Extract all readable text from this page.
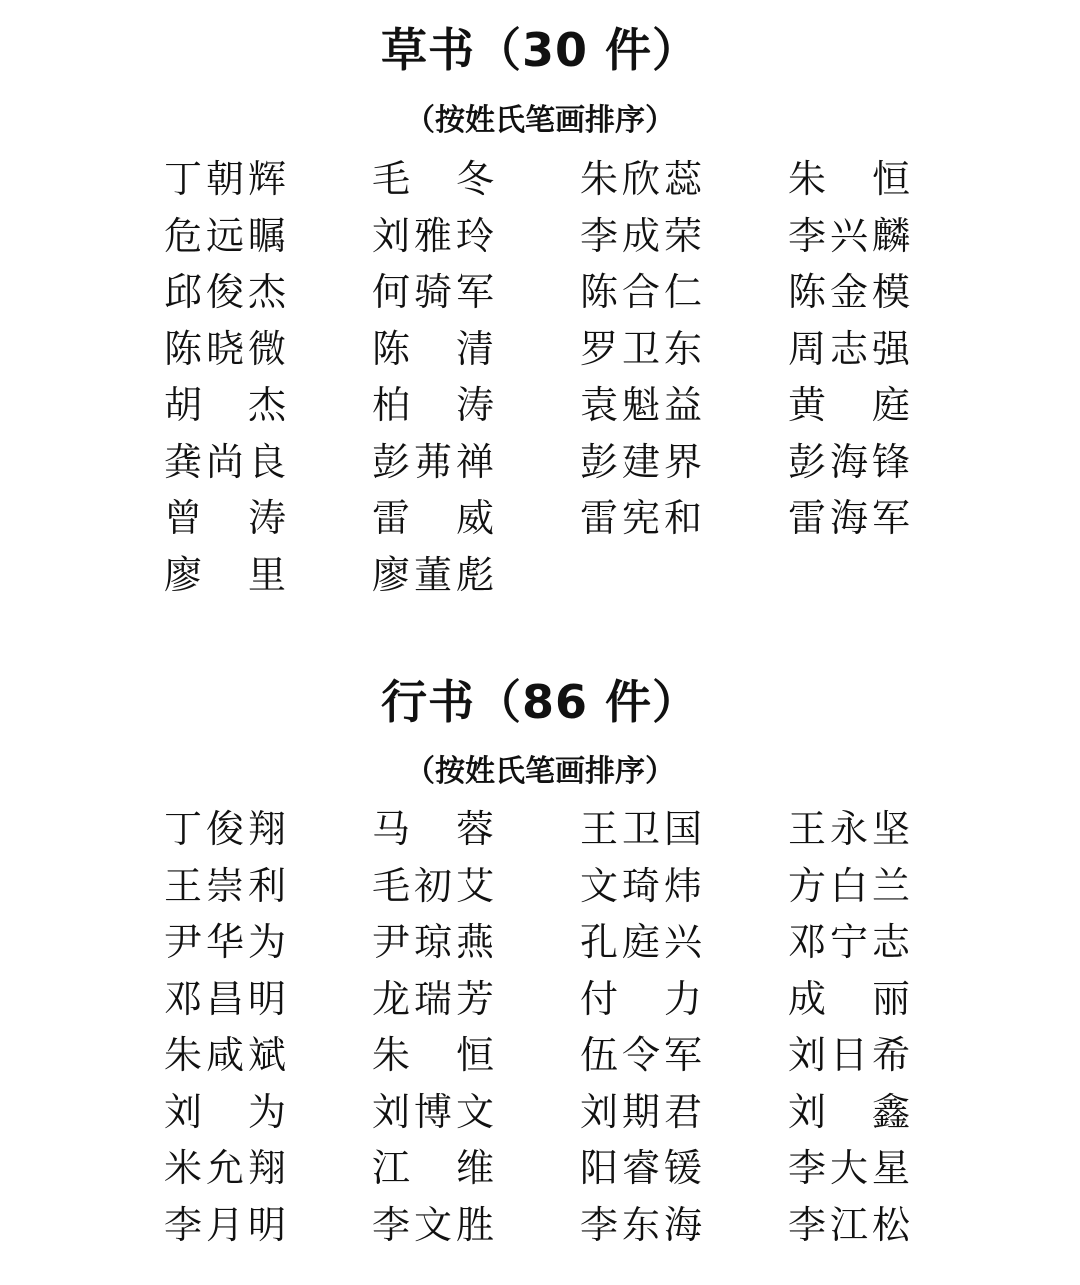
草书（30 件）
（按姓氏笔画排序）
丁 朝 辉 毛 冬 朱 欣 蕊 朱 恒
危 远 瞩 刘 雅 玲 李 成 荣 李 兴 麟
邱 俊 杰 何 骑 军 陈 合 仁 陈 金 模
陈 晓 微 陈 清 罗 卫 东 周 志 强
胡 杰 柏 涛 袁 魁 益 黄 庭
龚 尚 良 彭 茀 禅 彭 建 界 彭 海 锋
曾 涛 雷 威 雷 宪 和 雷 海 军
廖 里 廖 董 彪
行书（86 件）
（按姓氏笔画排序）
丁 俊 翔 马 蓉 王 卫 国 王 永 坚
王 崇 利 毛 初 艾 文 琦 炜 方 白 兰
尹 华 为 尹 琼 燕 孔 庭 兴 邓 宁 志
邓 昌 明 龙 瑞 芳 付 力 成 丽
朱 咸 斌 朱 恒 伍 令 军 刘 日 希
刘 为 刘 博 文 刘 期 君 刘 鑫
米 允 翔 江 维 阳 睿 锾 李 大 星
李 月 明 李 文 胜 李 东 海 李 江 松
